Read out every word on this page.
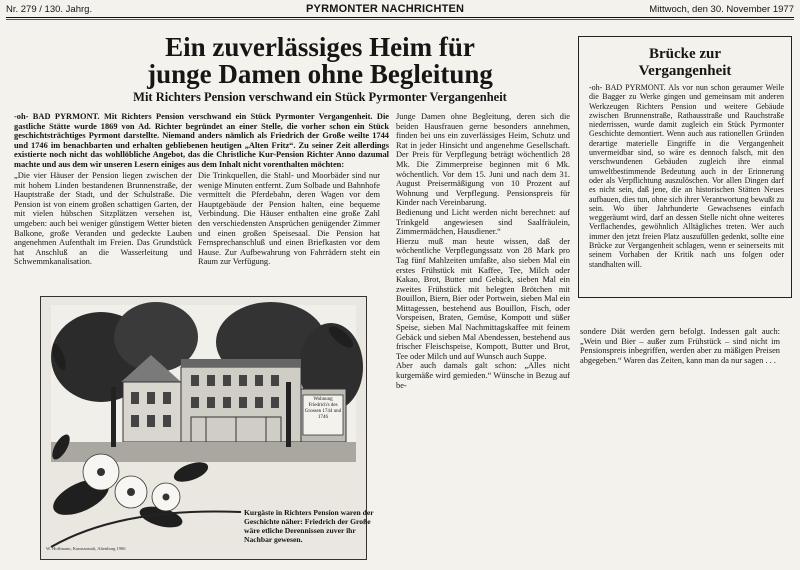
Nr. 279 / 130. Jahrg.	PYRMONTER NACHRICHTEN	Mittwoch, den 30. November 1977
Ein zuverlässiges Heim für
junge Damen ohne Begleitung
Mit Richters Pension verschwand ein Stück Pyrmonter Vergangenheit
-oh- BAD PYRMONT. Mit Richters Pension verschwand ein Stück Pyrmonter Vergangenheit. Die gastliche Stätte wurde 1869 von Ad. Richter begründet an einer Stelle, die vorher schon ein Stück geschichtsträchtiges Pyrmont darstellte. Niemand anders nämlich als Friedrich der Große weilte 1744 und 1746 im benachbarten und erhalten gebliebenen heutigen „Alten Fritz“. Zu seiner Zeit allerdings existierte noch nicht das wohllöbliche Angebot, das die Christliche Kur-Pension Richter Anno dazumal machte und aus dem wir unseren Lesern einiges aus dem Inhalt nicht vorenthalten möchten:
„Die vier Häuser der Pension liegen zwischen der mit hohem Linden bestandenen Brunnenstraße, der Hauptstraße der Stadt, und der Schulstraße. Die Pension ist von einem großen schattigen Garten, der mit vielen hübschen Sitzplätzen versehen ist, umgeben: auch bei weniger günstigem Wetter bieten Balkone, große Veranden und gedeckte Lauben angenehmen Aufenthalt im Freien. Das Grundstück hat Anschluß an die Wasserleitung und Schwemmkanalisation.
Die Trinkquellen, die Stahl- und Moorbäder sind nur wenige Minuten entfernt. Zum Solbade und Bahnhofe vermittelt die Pferdebahn, deren Wagen vor dem Hauptgebäude der Pension halten, eine bequeme Verbindung. Die Häuser enthalten eine große Zahl den verschiedensten Ansprüchen genügender Zimmer und einen großen Speisesaal. Die Pension hat Fernsprechanschluß und einen Briefkasten vor dem Hause. Zur Aufbewahrung von Fahrrädern steht ein Raum zur Verfügung.
Junge Damen ohne Begleitung, deren sich die beiden Hausfrauen gerne besonders annehmen, finden bei uns ein zuverlässiges Heim, Schutz und Rat in jeder Hinsicht und angenehme Gesellschaft. Der Preis für Verpflegung beträgt wöchentlich 28 Mk. Die Zimmerpreise beginnen mit 6 Mk. wöchentlich. Vor dem 15. Juni und nach dem 31. August Preisermäßigung von 10 Prozent auf Wohnung und Verpflegung. Pensionspreis für Kinder nach Vereinbarung.
Bedienung und Licht werden nicht berechnet: auf Trinkgeld angewiesen sind Saalfräulein, Zimmermädchen, Hausdiener.“
Hierzu muß man heute wissen, daß der wöchentliche Verpflegungssatz von 28 Mark pro Tag fünf Mahlzeiten umfaßte, also sieben Mal ein erstes Frühstück mit Kaffee, Tee, Milch oder Kakao, Brot, Butter und Gebäck, sieben Mal ein zweites Frühstück mit belegten Brötchen mit Bouillon, Biern, Bier oder Portwein, sieben Mal ein Mittagessen, bestehend aus Bouillon, Fisch, oder Vorspeisen, Braten, Gemüse, Kompott und süßer Speise, sieben Mal Nachmittagskaffee mit feinem Gebäck und sieben Mal Abendessen, bestehend aus frischer Fleischspeise, Kompott, Butter und Brot, Tee oder Milch und auf Wunsch auch Suppe.
Aber auch damals galt schon: „Alles nicht kurgemäße wird gemieden.“ Wünsche in Bezug auf be-
Brücke zur
Vergangenheit
-oh- BAD PYRMONT. Als vor nun schon geraumer Weile die Bagger zu Werke gingen und gemeinsam mit anderen Werkzeugen Richters Pension und weitere Gebäude zwischen Brunnenstraße, Rathausstraße und Rauchstraße niederrissen, wurde damit zugleich ein Stück Pyrmonter Geschichte demontiert. Wenn auch aus rationellen Gründen derartige materielle Eingriffe in die Vergangenheit unvermeidbar sind, so wäre es dennoch falsch, mit den verschwundenen Gebäuden zugleich ihre einmal umweltbestimmende Bedeutung auch in der Erinnerung oder als Verpflichtung auszulöschen. Vor allen Dingen darf es nicht sein, daß jene, die an historischen Stätten Neues aufbauen, dies tun, ohne sich ihrer Verantwortung bewußt zu sein. Wo über Jahrhunderte Gewachsenes einfach weggeräumt wird, darf an dessen Stelle nicht ohne weiteres Verflachendes, gewöhnlich Alltägliches treten. Wer auch immer den jetzt freien Platz auszufüllen gedenkt, sollte eine Brücke zur Vergangenheit schlagen, wenn er seinerseits mit seinem Vorhaben der Kritik nach uns folgen oder standhalten will.
sondere Diät werden gern befolgt. Indessen galt auch: „Wein und Bier – außer zum Frühstück – sind nicht im Pensionspreis inbegriffen, werden aber zu mäßigen Preisen abgegeben.“ Waren das Zeiten, kann man da nur sagen . . .
Wohnung Friedrich's des Grossen 1744 und 1746
Kurgäste in Richters Pension waren der Geschichte näher: Friedrich der Große wäre etliche Derennissen zuver ihr Nachbar gewesen.
W. Hoffmann, Kunstanstalt, Altenburg 1906
